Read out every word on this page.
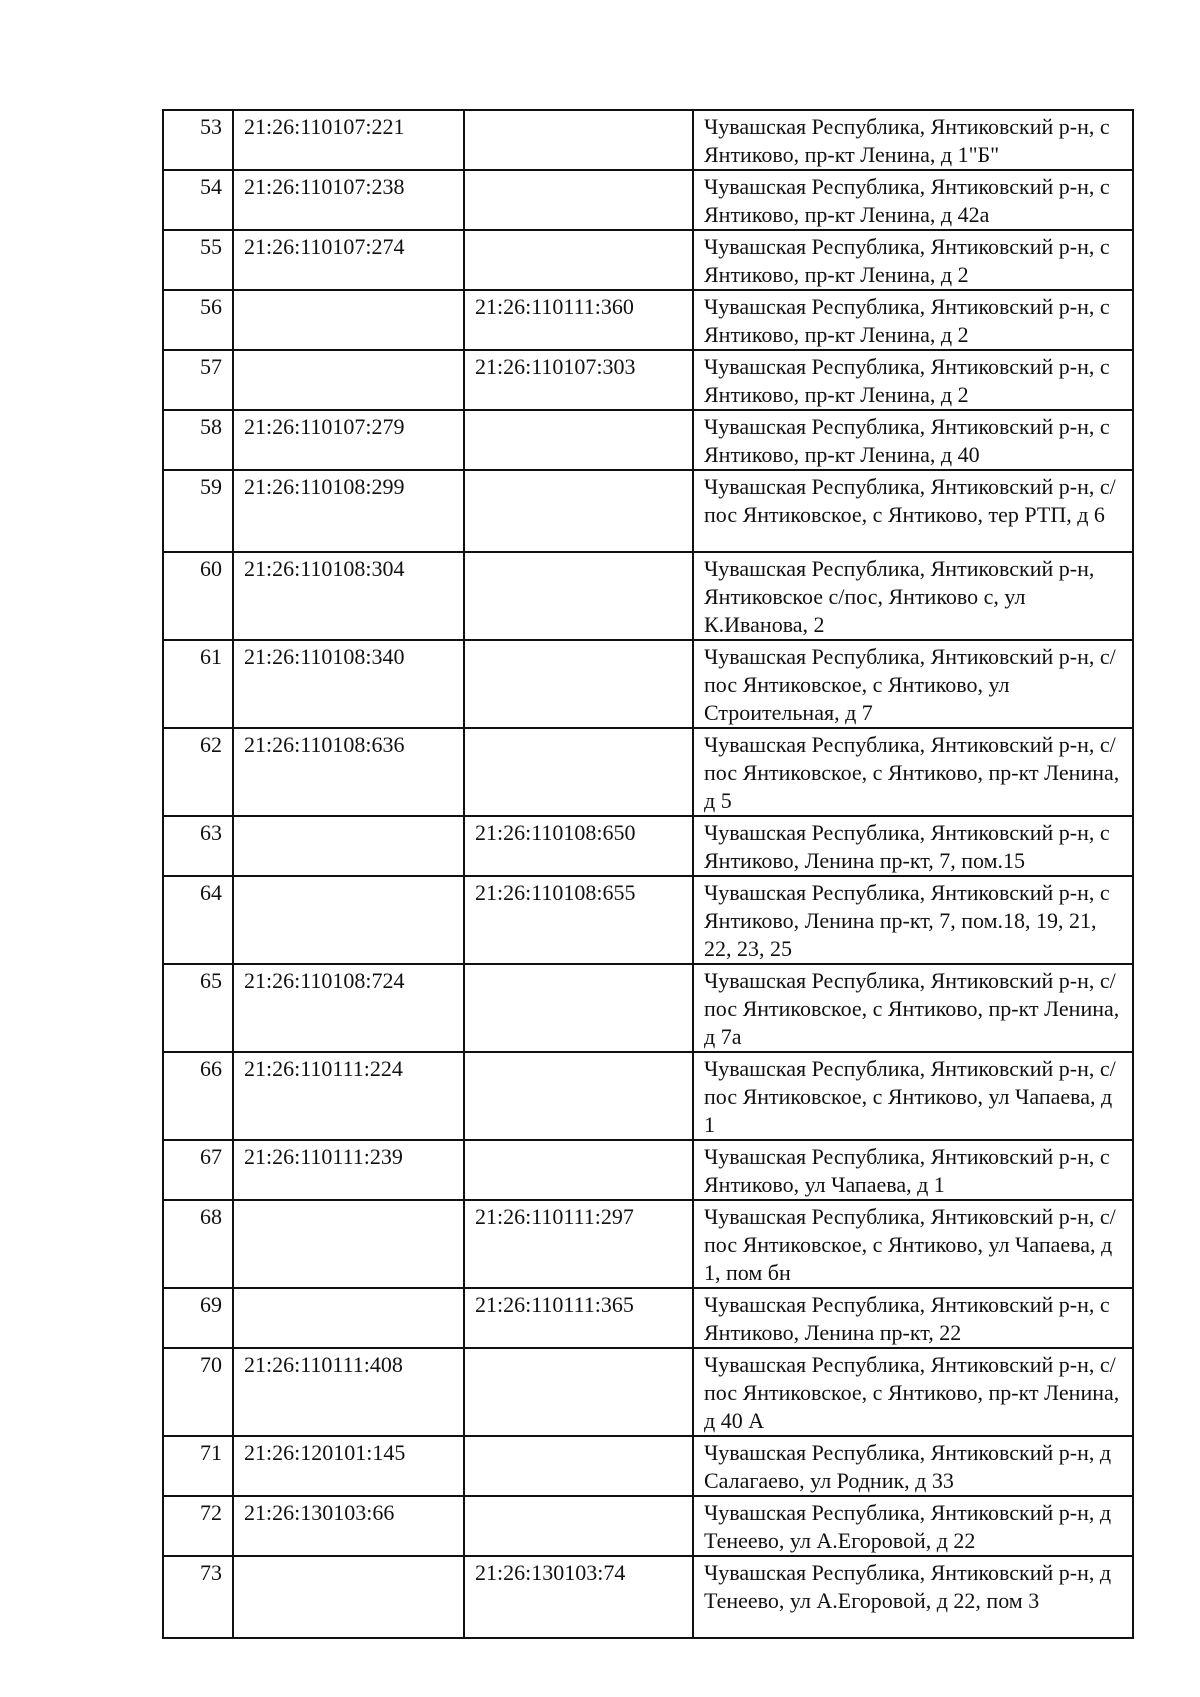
53	21:26:110107:221		Чувашская Республика, Янтиковский р-н, с Янтиково, пр-кт Ленина, д 1"Б"
54	21:26:110107:238		Чувашская Республика, Янтиковский р-н, с Янтиково, пр-кт Ленина, д 42а
55	21:26:110107:274		Чувашская Республика, Янтиковский р-н, с Янтиково, пр-кт Ленина, д 2
56		21:26:110111:360	Чувашская Республика, Янтиковский р-н, с Янтиково, пр-кт Ленина, д 2
57		21:26:110107:303	Чувашская Республика, Янтиковский р-н, с Янтиково, пр-кт Ленина, д 2
58	21:26:110107:279		Чувашская Республика, Янтиковский р-н, с Янтиково, пр-кт Ленина, д 40
59	21:26:110108:299		Чувашская Республика, Янтиковский р-н, с/пос Янтиковское, с Янтиково, тер РТП, д 6
60	21:26:110108:304		Чувашская Республика, Янтиковский р-н, Янтиковское с/пос, Янтиково с, ул К.Иванова, 2
61	21:26:110108:340		Чувашская Республика, Янтиковский р-н, с/пос Янтиковское, с Янтиково, ул Строительная, д 7
62	21:26:110108:636		Чувашская Республика, Янтиковский р-н, с/пос Янтиковское, с Янтиково, пр-кт Ленина, д 5
63		21:26:110108:650	Чувашская Республика, Янтиковский р-н, с Янтиково, Ленина пр-кт, 7, пом.15
64		21:26:110108:655	Чувашская Республика, Янтиковский р-н, с Янтиково, Ленина пр-кт, 7, пом.18, 19, 21, 22, 23, 25
65	21:26:110108:724		Чувашская Республика, Янтиковский р-н, с/пос Янтиковское, с Янтиково, пр-кт Ленина, д 7а
66	21:26:110111:224		Чувашская Республика, Янтиковский р-н, с/пос Янтиковское, с Янтиково, ул Чапаева, д 1
67	21:26:110111:239		Чувашская Республика, Янтиковский р-н, с Янтиково, ул Чапаева, д 1
68		21:26:110111:297	Чувашская Республика, Янтиковский р-н, с/пос Янтиковское, с Янтиково, ул Чапаева, д 1, пом бн
69		21:26:110111:365	Чувашская Республика, Янтиковский р-н, с Янтиково, Ленина пр-кт, 22
70	21:26:110111:408		Чувашская Республика, Янтиковский р-н, с/пос Янтиковское, с Янтиково, пр-кт Ленина, д 40 А
71	21:26:120101:145		Чувашская Республика, Янтиковский р-н, д Салагаево, ул Родник, д 33
72	21:26:130103:66		Чувашская Республика, Янтиковский р-н, д Тенеево, ул А.Егоровой, д 22
73		21:26:130103:74	Чувашская Республика, Янтиковский р-н, д Тенеево, ул А.Егоровой, д 22, пом 3
